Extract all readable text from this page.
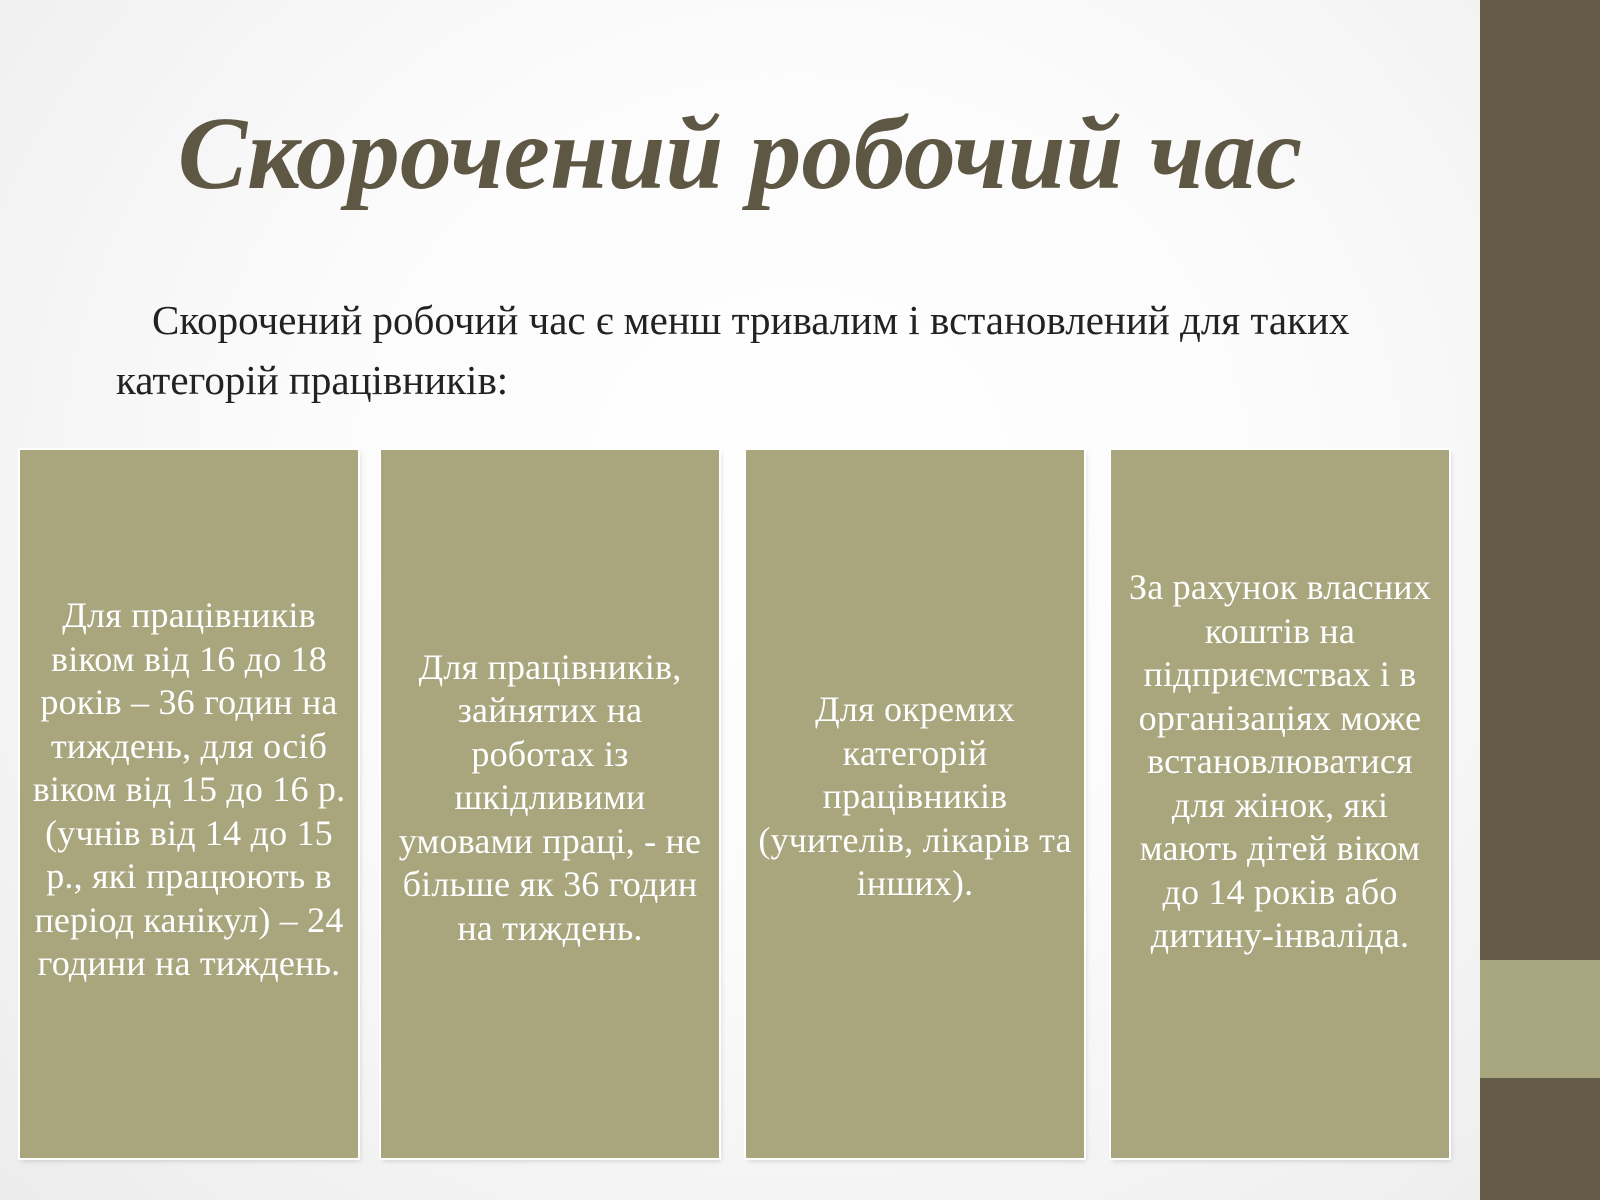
Скорочений робочий час

Скорочений робочий час є менш тривалим і встановлений для таких категорій працівників:

Для працівників віком від 16 до 18 років – 36 годин на тиждень, для осіб віком від 15 до 16 р. (учнів від 14 до 15 р., які працюють в період канікул) – 24 години на тиждень.

Для працівників, зайнятих на роботах із шкідливими умовами праці, - не більше як 36 годин на тиждень.

Для окремих категорій працівників (учителів, лікарів та інших).

За рахунок власних коштів на підприємствах і в організаціях може встановлюватися для жінок, які мають дітей віком до 14 років або дитину-інваліда.
